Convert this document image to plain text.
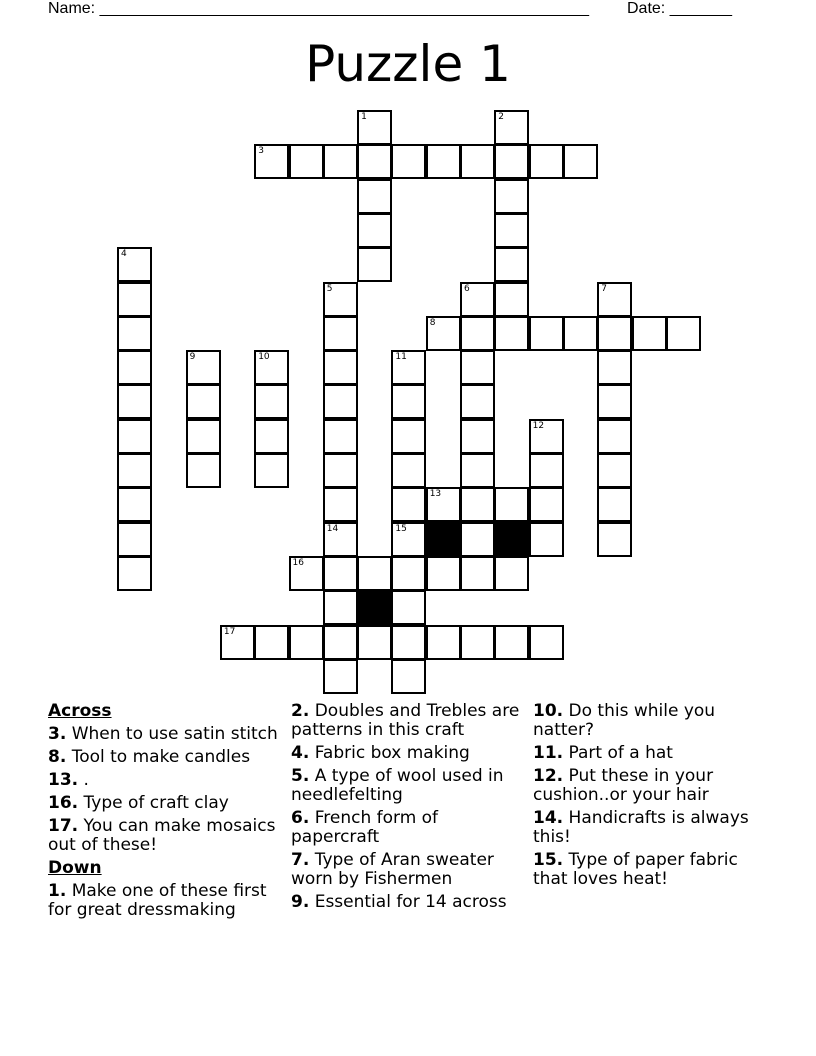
Name: _______________________________________________________ Date: _______
Puzzle 1
1	2
3
4
5
14
6
8
7
9	10	11
15
12
13
16
17
Across
3. When to use satin stitch
8. Tool to make candles
13. .
16. Type of craft clay
17. You can make mosaics out of these!
Down
1. Make one of these first for great dressmaking
2. Doubles and Trebles are patterns in this craft
4. Fabric box making
5. A type of wool used in needlefelting
6. French form of papercraft
7. Type of Aran sweater worn by Fishermen
9. Essential for 14 across
10. Do this while you natter?
11. Part of a hat
12. Put these in your cushion..or your hair
14. Handicrafts is always this!
15. Type of paper fabric that loves heat!
